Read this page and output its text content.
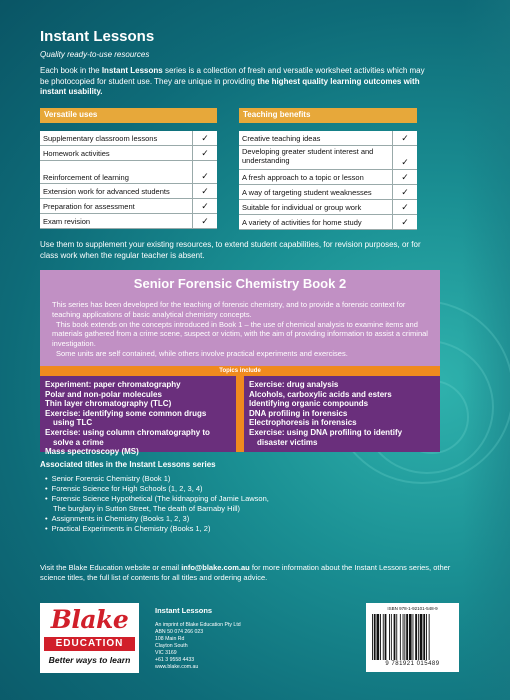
Instant Lessons
Quality ready-to-use resources
Each book in the Instant Lessons series is a collection of fresh and versatile worksheet activities which may be photocopied for student use. They are unique in providing the highest quality learning outcomes with instant usability.
Versatile uses
Supplementary classroom lessons	✓
Homework activities	✓
Reinforcement of learning	✓
Extension work for advanced students	✓
Preparation for assessment	✓
Exam revision	✓
Teaching benefits
Creative teaching ideas	✓
Developing greater student interest and understanding	✓
A fresh approach to a topic or lesson	✓
A way of targeting student weaknesses	✓
Suitable for individual or group work	✓
A variety of activities for home study	✓
Use them to supplement your existing resources, to extend student capabilities, for revision purposes, or for class work when the regular teacher is absent.
Senior Forensic Chemistry Book 2

This series has been developed for the teaching of forensic chemistry, and to provide a forensic context for teaching applications of basic analytical chemistry concepts.

This book extends on the concepts introduced in Book 1 – the use of chemical analysis to examine items and materials gathered from a crime scene, suspect or victim, with the aim of providing information to assist a criminal investigation.

Some units are self contained, while others involve practical experiments and exercises.

Topics include
Experiment: paper chromatography
Polar and non-polar molecules
Thin layer chromatography (TLC)
Exercise: identifying some common drugs
using TLC
Exercise: using column chromatography to
solve a crime
Mass spectroscopy (MS)
Exercise: drug analysis
Alcohols, carboxylic acids and esters
Identifying organic compounds
DNA profiling in forensics
Electrophoresis in forensics
Exercise: using DNA profiling to identify
disaster victims
Associated titles in the Instant Lessons series
• Senior Forensic Chemistry (Book 1)
• Forensic Science for High Schools (1, 2, 3, 4)
• Forensic Science Hypothetical (The kidnapping of Jamie Lawson,
The burglary in Sutton Street, The death of Barnaby Hill)
• Assignments in Chemistry (Books 1, 2, 3)
• Practical Experiments in Chemistry (Books 1, 2)
Visit the Blake Education website or email info@blake.com.au for more information about the Instant Lessons series, other science titles, the full list of contents for all titles and ordering advice.
Blake
EDUCATION
Better ways to learn
Instant Lessons
An imprint of Blake Education Pty Ltd
ABN 50 074 266 023
108 Main Rd
Clayton South
VIC 3169
+61 3 9558 4433
www.blake.com.au
ISBN 978-1-92101-548-9
9 781921 015489
